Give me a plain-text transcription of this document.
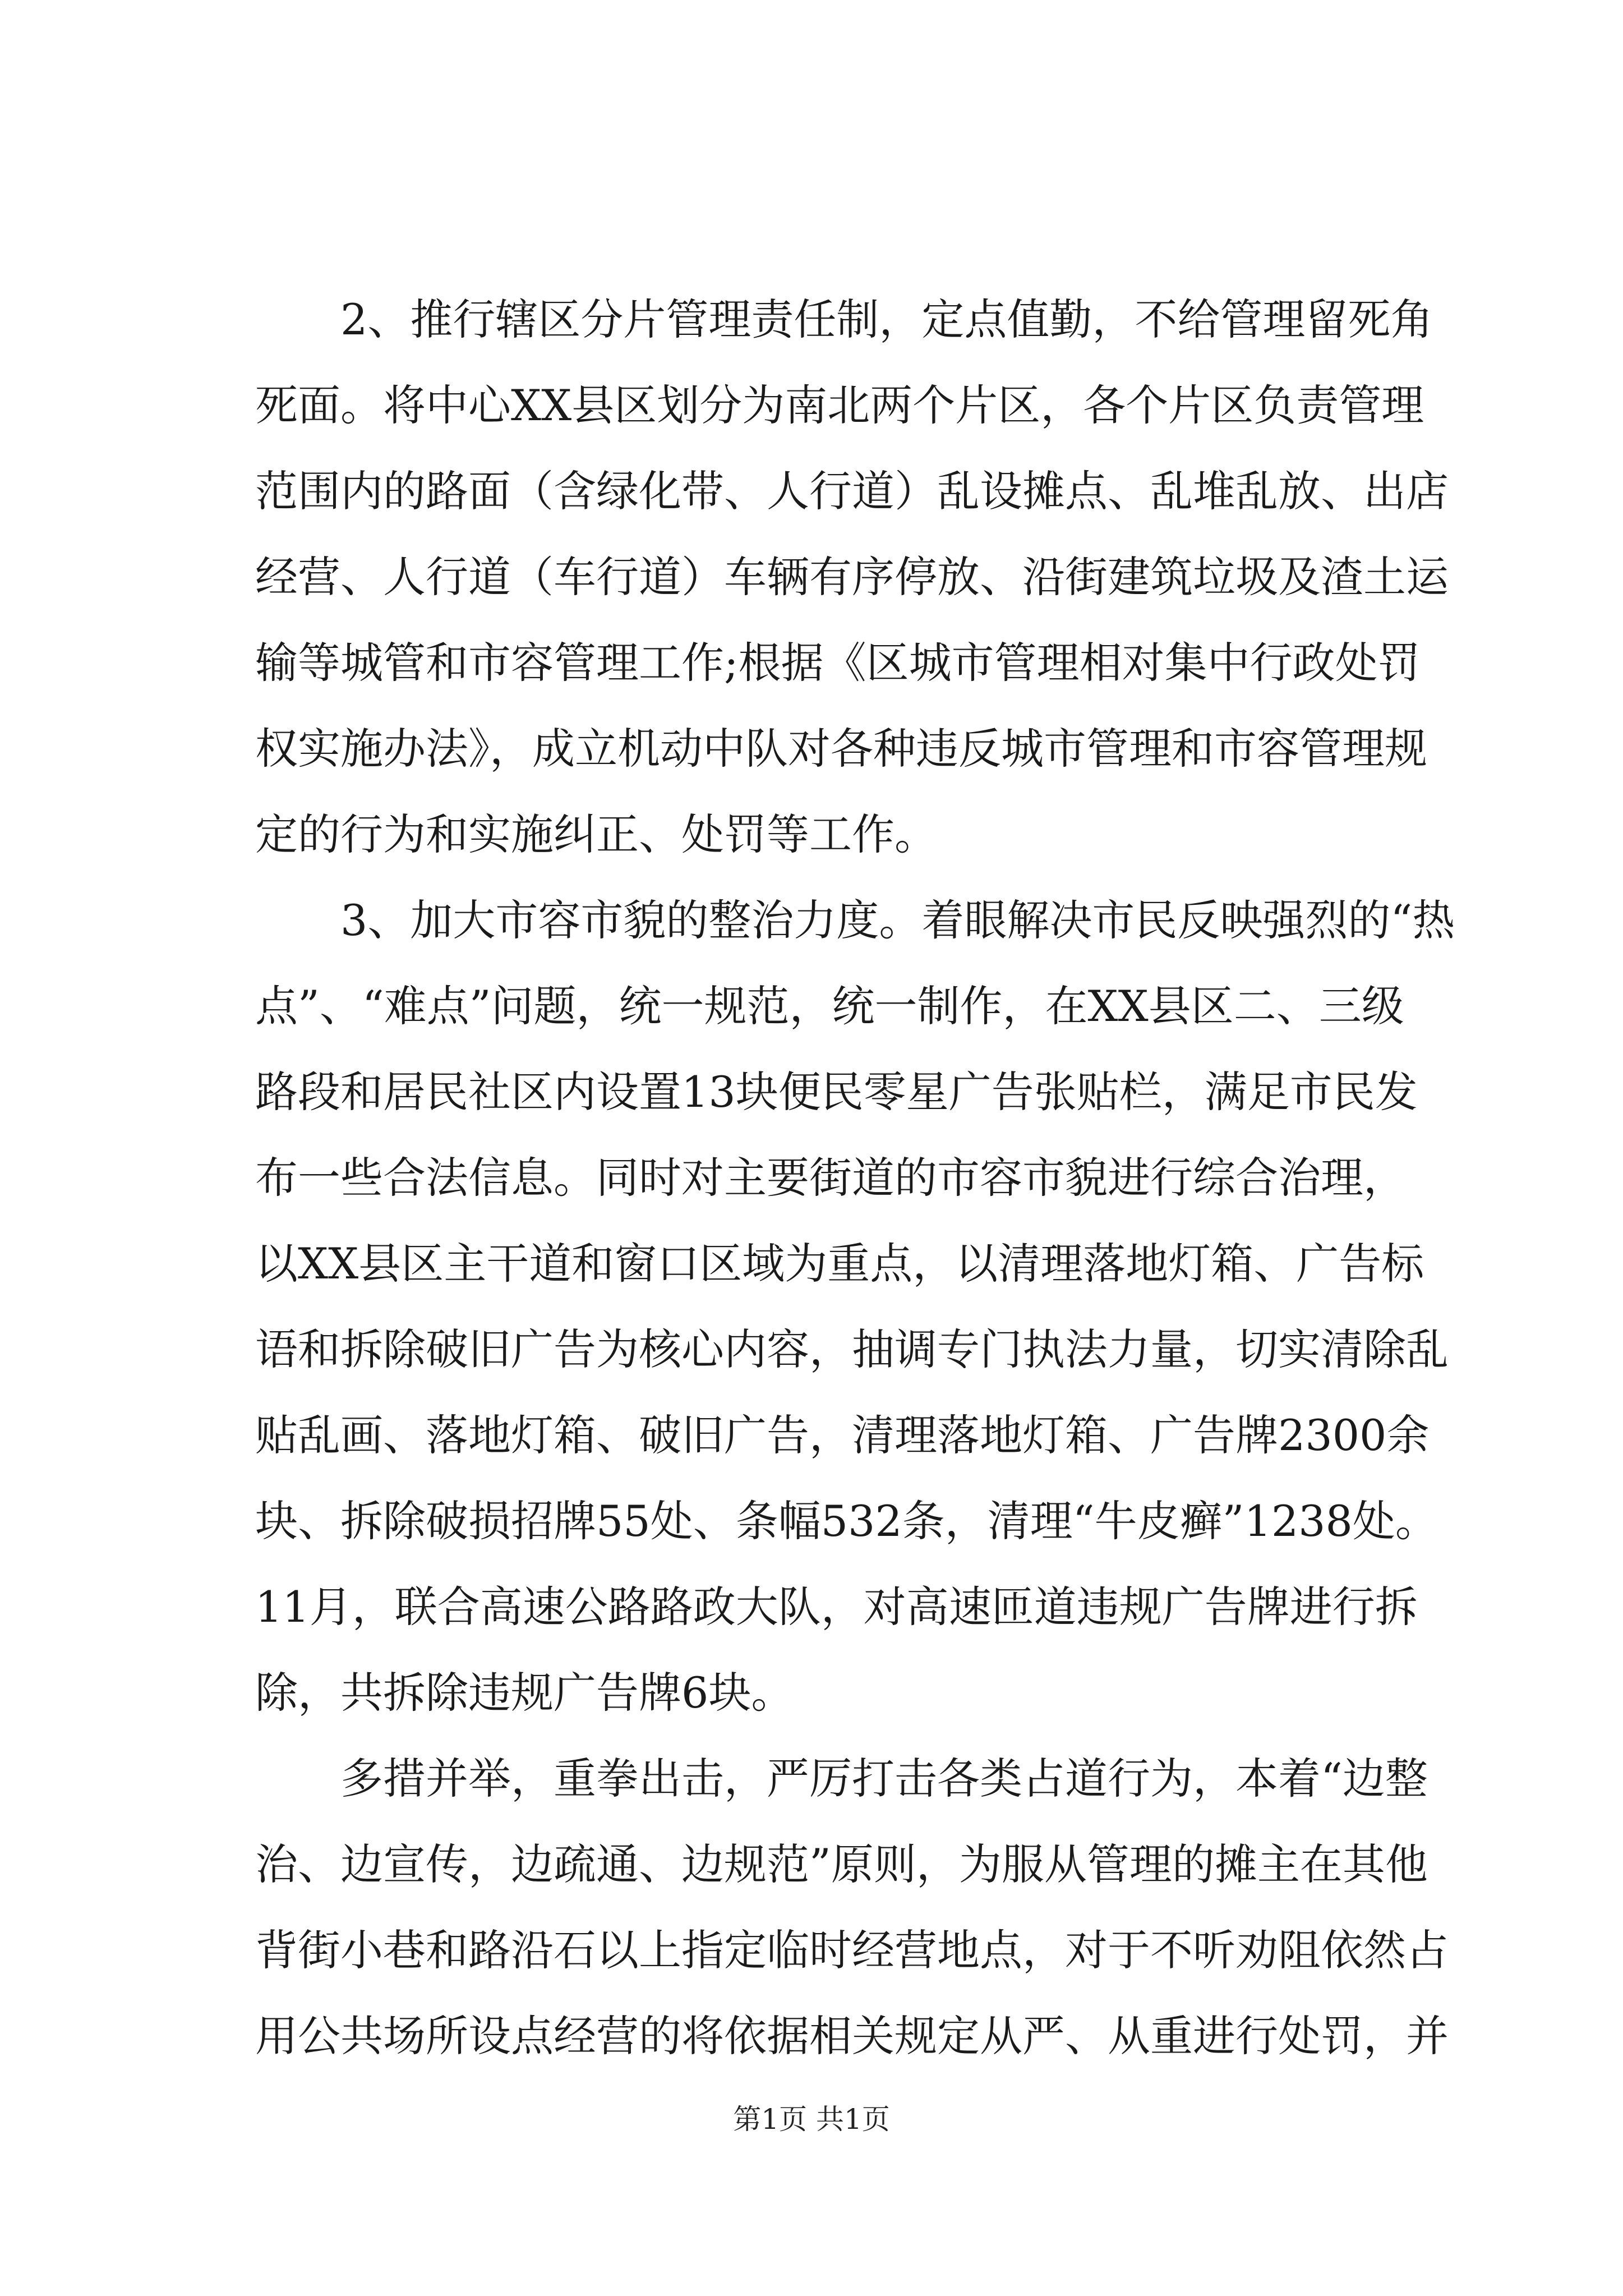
　　2、推行辖区分片管理责任制，定点值勤，不给管理留死角
死面。将中心XX县区划分为南北两个片区，各个片区负责管理
范围内的路面（含绿化带、人行道）乱设摊点、乱堆乱放、出店
经营、人行道（车行道）车辆有序停放、沿街建筑垃圾及渣土运
输等城管和市容管理工作;根据《区城市管理相对集中行政处罚
权实施办法》，成立机动中队对各种违反城市管理和市容管理规
定的行为和实施纠正、处罚等工作。
　　3、加大市容市貌的整治力度。着眼解决市民反映强烈的“热
点”、“难点”问题，统一规范，统一制作，在XX县区二、三级
路段和居民社区内设置13块便民零星广告张贴栏，满足市民发
布一些合法信息。同时对主要街道的市容市貌进行综合治理，
以XX县区主干道和窗口区域为重点，以清理落地灯箱、广告标
语和拆除破旧广告为核心内容，抽调专门执法力量，切实清除乱
贴乱画、落地灯箱、破旧广告，清理落地灯箱、广告牌2300余
块、拆除破损招牌55处、条幅532条，清理“牛皮癣”1238处。
11月，联合高速公路路政大队，对高速匝道违规广告牌进行拆
除，共拆除违规广告牌6块。
　　多措并举，重拳出击，严厉打击各类占道行为，本着“边整
治、边宣传，边疏通、边规范”原则，为服从管理的摊主在其他
背街小巷和路沿石以上指定临时经营地点，对于不听劝阻依然占
用公共场所设点经营的将依据相关规定从严、从重进行处罚，并
第1页 共1页
